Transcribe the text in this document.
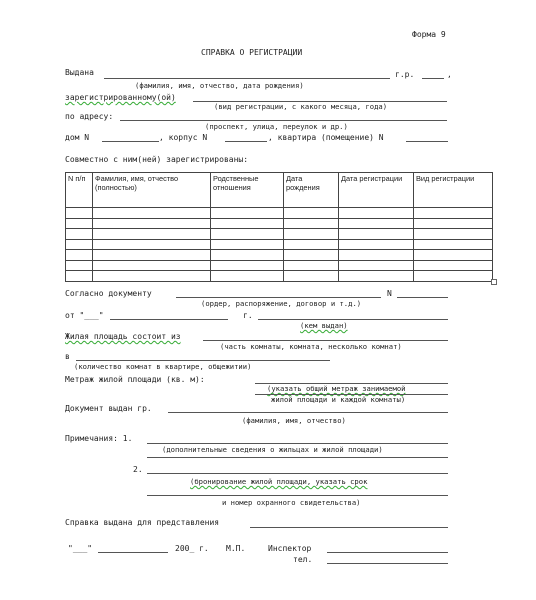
Форма 9
СПРАВКА О РЕГИСТРАЦИИ
Выдана	г.р.	,
(фамилия, имя, отчество, дата рождения)
зарегистрированному(ой)
(вид регистрации, с какого месяца, года)
по адресу:
(проспект, улица, переулок и др.)
дом N	, корпус N	, квартира (помещение) N
Совместно с ним(ней) зарегистрированы:
N п/п	Фамилия, имя, отчество (полностью)	Родственные отношения	Дата рождения	Дата регистрации	Вид регистрации

Согласно документу	N
(ордер, распоряжение, договор и т.д.)
от "___"	г.
(кем выдан)
Жилая площадь состоит из
(часть комнаты, комната, несколько комнат)
в
(количество комнат в квартире, общежитии)
Метраж жилой площади (кв. м):
(указать общий метраж занимаемой
жилой площади и каждой комнаты)
Документ выдан гр.
(фамилия, имя, отчество)
Примечания: 1.
(дополнительные сведения о жильцах и жилой площади)
2.
(бронирование жилой площади, указать срок
и номер охранного свидетельства)
Справка выдана для представления
"___"	200_ г. М.П.	Инспектор
тел.
